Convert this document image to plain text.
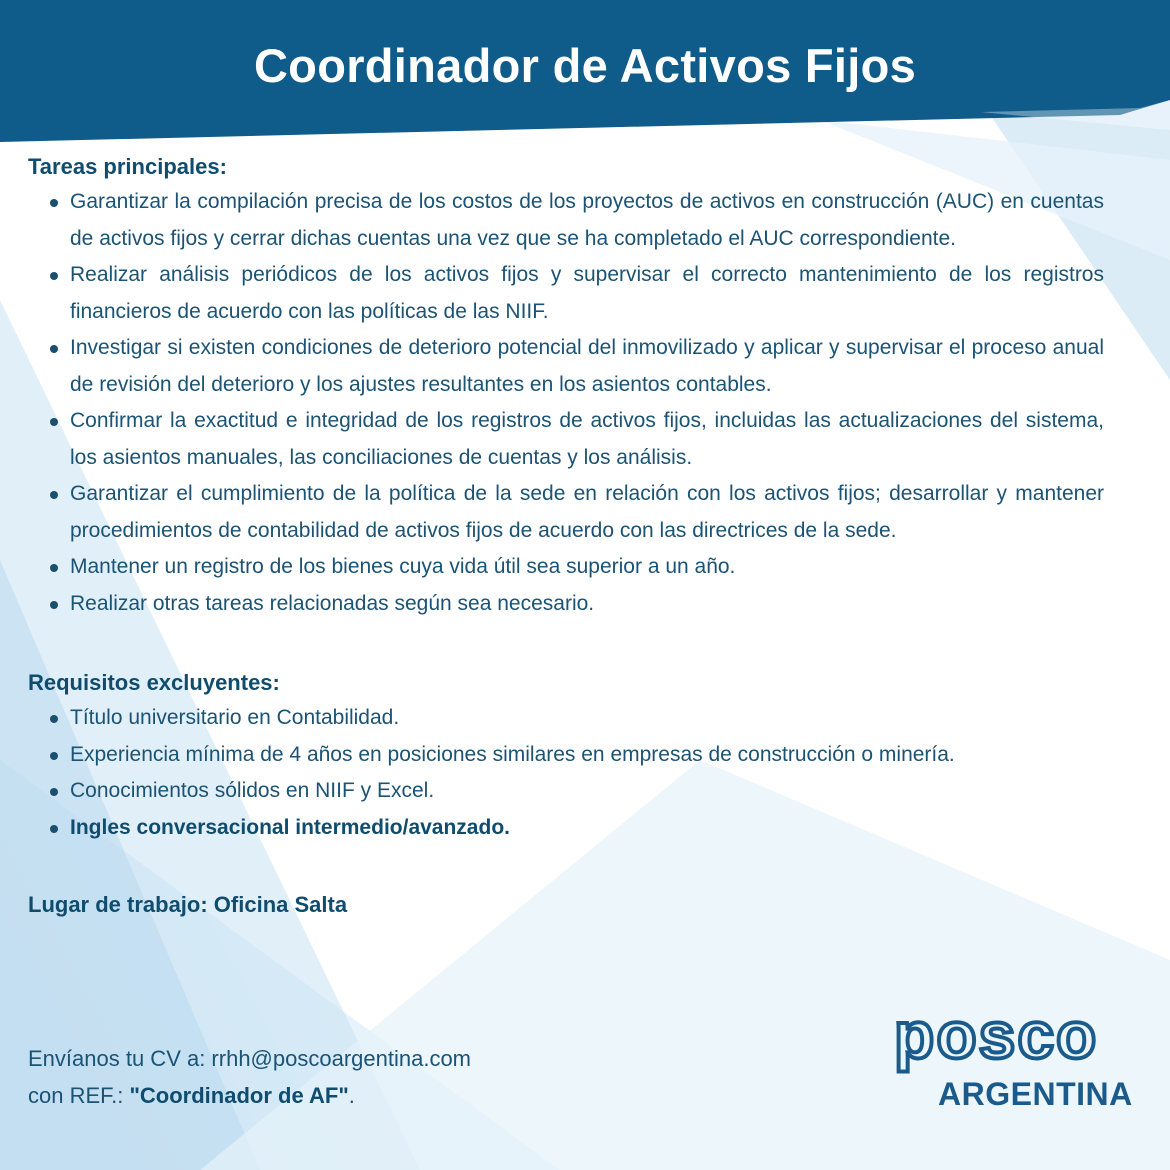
Coordinador de Activos Fijos
Tareas principales:
Garantizar la compilación precisa de los costos de los proyectos de activos en construcción (AUC) en cuentas de activos fijos y cerrar dichas cuentas una vez que se ha completado el AUC correspondiente.
Realizar análisis periódicos de los activos fijos y supervisar el correcto mantenimiento de los registros financieros de acuerdo con las políticas de las NIIF.
Investigar si existen condiciones de deterioro potencial del inmovilizado y aplicar y supervisar el proceso anual de revisión del deterioro y los ajustes resultantes en los asientos contables.
Confirmar la exactitud e integridad de los registros de activos fijos, incluidas las actualizaciones del sistema, los asientos manuales, las conciliaciones de cuentas y los análisis.
Garantizar el cumplimiento de la política de la sede en relación con los activos fijos; desarrollar y mantener procedimientos de contabilidad de activos fijos de acuerdo con las directrices de la sede.
Mantener un registro de los bienes cuya vida útil sea superior a un año.
Realizar otras tareas relacionadas según sea necesario.
Requisitos excluyentes:
Título universitario en Contabilidad.
Experiencia mínima de 4 años en posiciones similares en empresas de construcción o minería.
Conocimientos sólidos en NIIF y Excel.
Ingles conversacional intermedio/avanzado.
Lugar de trabajo: Oficina Salta
Envíanos tu CV a: rrhh@poscoargentina.com
con REF.: "Coordinador de AF".
posco
ARGENTINA
